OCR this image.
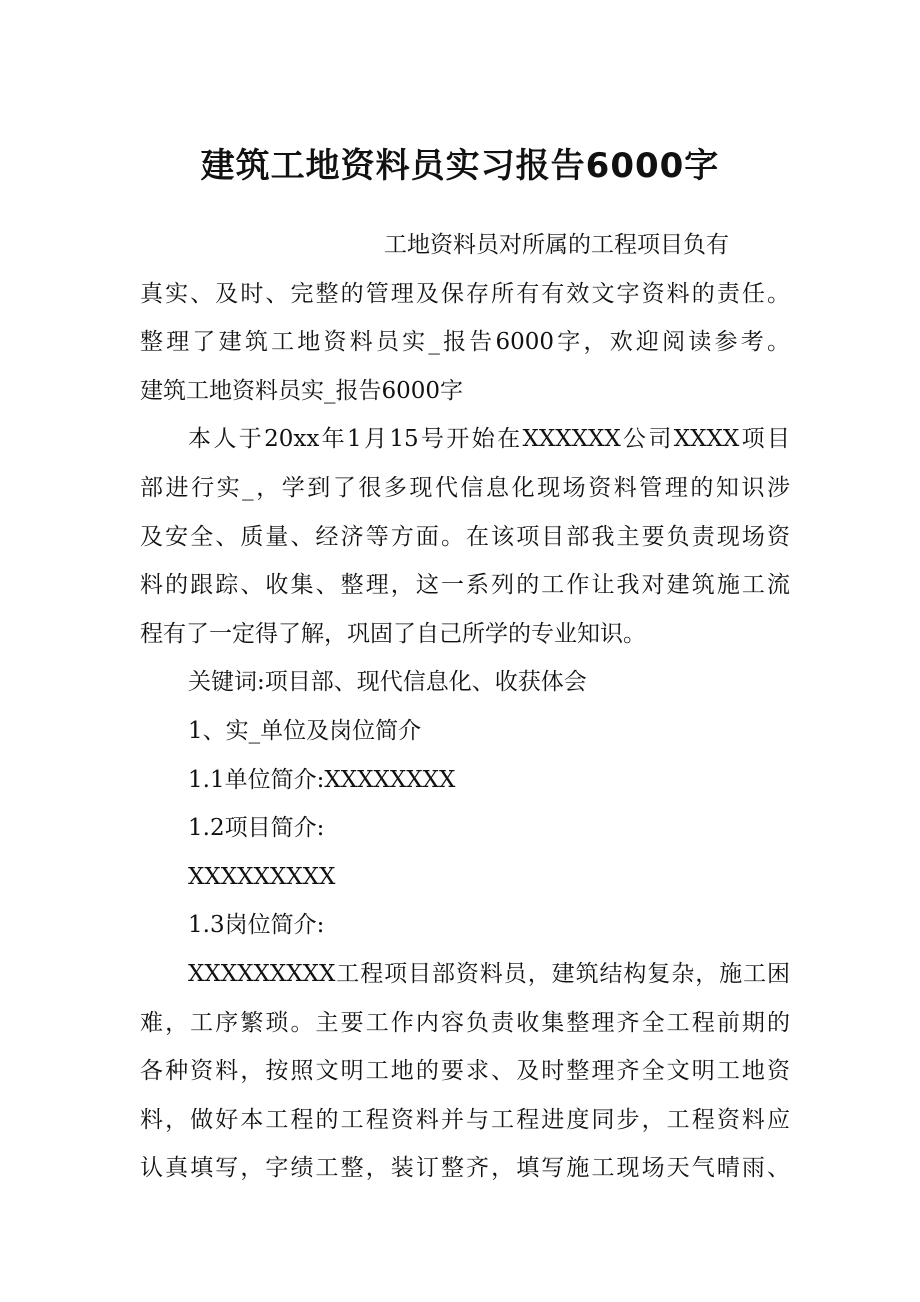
建筑工地资料员实习报告6000字
工地资料员对所属的工程项目负有
真实、及时、完整的管理及保存所有有效文字资料的责任。
整理了建筑工地资料员实_报告6000字，欢迎阅读参考。
建筑工地资料员实_报告6000字
本人于20xx年1月15号开始在XXXXXX公司XXXX项目
部进行实_，学到了很多现代信息化现场资料管理的知识涉
及安全、质量、经济等方面。在该项目部我主要负责现场资
料的跟踪、收集、整理，这一系列的工作让我对建筑施工流
程有了一定得了解，巩固了自己所学的专业知识。
关键词:项目部、现代信息化、收获体会
1、实_单位及岗位简介
1.1单位简介:XXXXXXXX
1.2项目简介:
XXXXXXXXX
1.3岗位简介:
XXXXXXXXX工程项目部资料员，建筑结构复杂，施工困
难，工序繁琐。主要工作内容负责收集整理齐全工程前期的
各种资料，按照文明工地的要求、及时整理齐全文明工地资
料，做好本工程的工程资料并与工程进度同步，工程资料应
认真填写，字绩工整，装订整齐，填写施工现场天气晴雨、
